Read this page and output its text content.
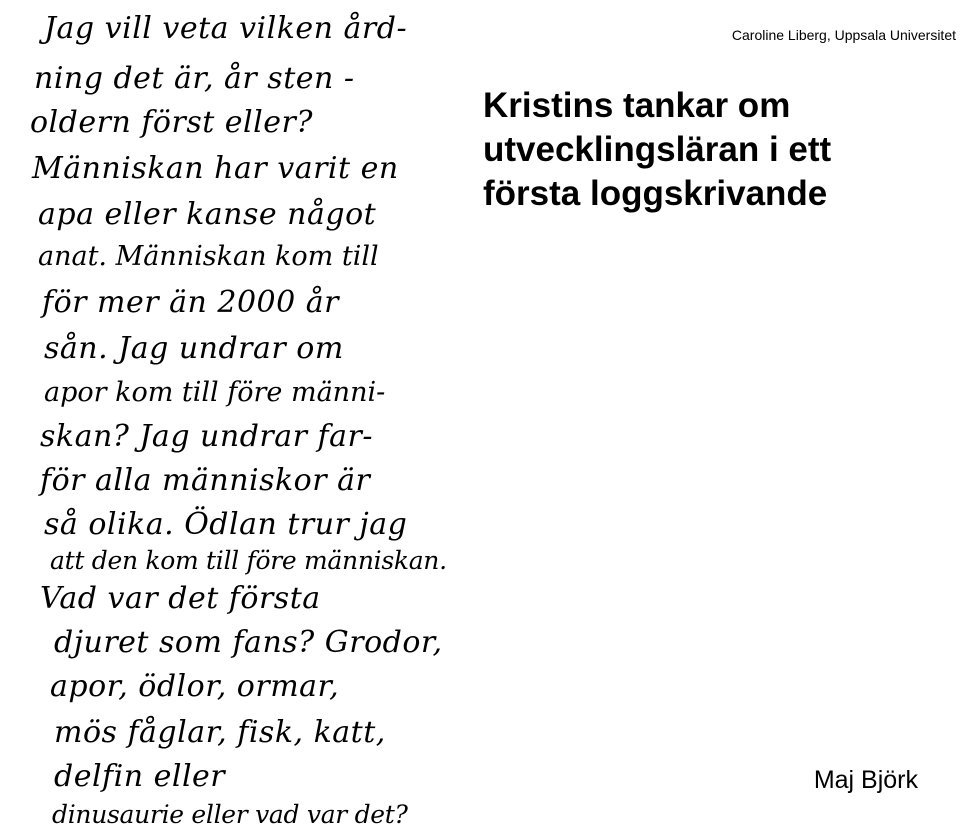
Caroline Liberg, Uppsala Universitet
Kristins tankar om
utvecklingsläran i ett
första loggskrivande
Jag vill veta vilken ård-
ning det är, år sten -
oldern först eller?
Människan har varit en
apa eller kanse något
anat. Människan kom till
för mer än 2000 år
sån. Jag undrar om
apor kom till före männi-
skan? Jag undrar far-
för alla människor är
så olika. Ödlan trur jag
att den kom till före människan.
Vad var det första
djuret som fans? Grodor,
apor, ödlor, ormar,
mös fåglar, fisk, katt,
delfin eller
dinusaurie eller vad var det?
Maj Björk
